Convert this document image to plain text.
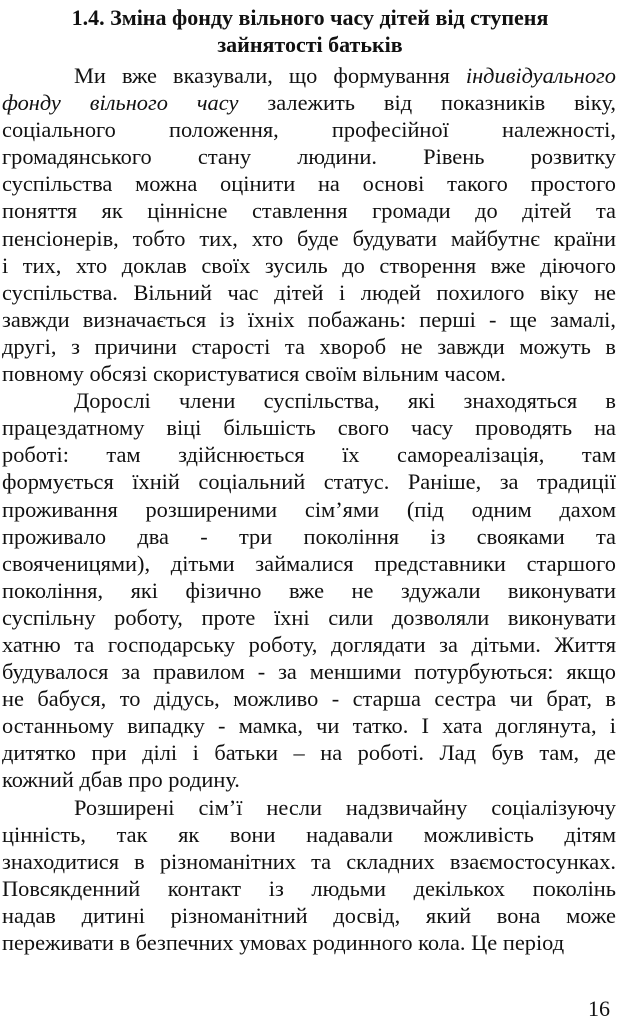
1.4. Зміна фонду вільного часу дітей від ступеня
зайнятості батьків
Ми вже вказували, що формування індивідуального
фонду вільного часу залежить від показників віку,
соціального положення, професійної належності,
громадянського стану людини. Рівень розвитку
суспільства можна оцінити на основі такого простого
поняття як ціннісне ставлення громади до дітей та
пенсіонерів, тобто тих, хто буде будувати майбутнє країни
і тих, хто доклав своїх зусиль до створення вже діючого
суспільства. Вільний час дітей і людей похилого віку не
завжди визначається із їхніх побажань: перші - ще замалі,
другі, з причини старості та хвороб не завжди можуть в
повному обсязі скористуватися своїм вільним часом.
Дорослі члени суспільства, які знаходяться в
працездатному віці більшість свого часу проводять на
роботі: там здійснюється їх самореалізація, там
формується їхній соціальний статус. Раніше, за традиції
проживання розширеними сім’ями (під одним дахом
проживало два - три покоління із свояками та
свояченицями), дітьми займалися представники старшого
покоління, які фізично вже не здужали виконувати
суспільну роботу, проте їхні сили дозволяли виконувати
хатню та господарську роботу, доглядати за дітьми. Життя
будувалося за правилом - за меншими потурбуються: якщо
не бабуся, то дідусь, можливо - старша сестра чи брат, в
останньому випадку - мамка, чи татко. І хата доглянута, і
дитятко при ділі і батьки – на роботі. Лад був там, де
кожний дбав про родину.
Розширені сім’ї несли надзвичайну соціалізуючу
цінність, так як вони надавали можливість дітям
знаходитися в різноманітних та складних взаємостосунках.
Повсякденний контакт із людьми декількох поколінь
надав дитині різноманітний досвід, який вона може
переживати в безпечних умовах родинного кола. Це період
16
